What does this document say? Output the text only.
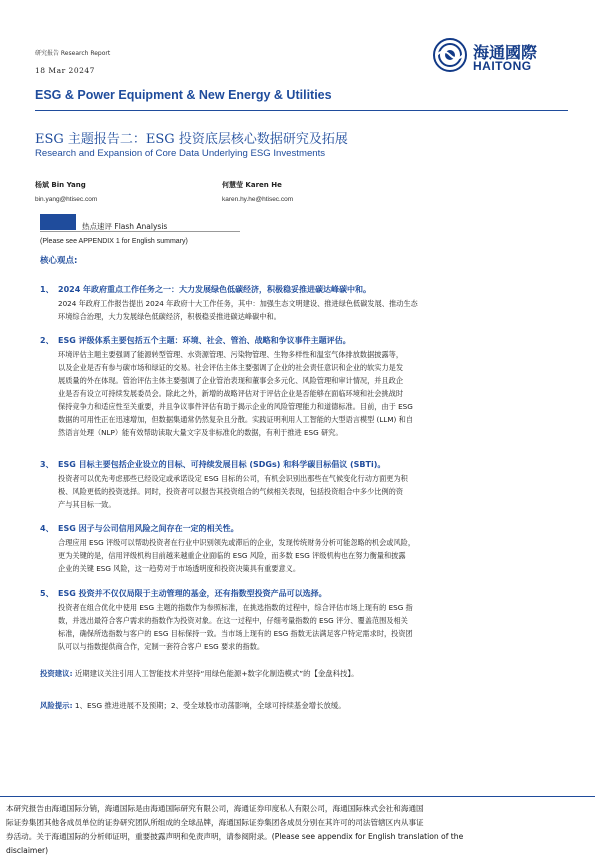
研究报告 Research Report
18 Mar 20247
海通國際
HAITONG
ESG & Power Equipment & New Energy & Utilities
ESG 主题报告二：ESG 投资底层核心数据研究及拓展
Research and Expansion of Core Data Underlying ESG Investments
杨斌 Bin Yang
bin.yang@htisec.com
何慧莹 Karen He
karen.hy.he@htisec.com
热点速评 Flash Analysis
(Please see APPENDIX 1 for English summary)
核心观点:
1、 2024 年政府重点工作任务之一：大力发展绿色低碳经济，积极稳妥推进碳达峰碳中和。
2024 年政府工作报告提出 2024 年政府十大工作任务，其中：加强生态文明建设、推进绿色低碳发展、推动生态
环境综合治理，大力发展绿色低碳经济，积极稳妥推进碳达峰碳中和。
2、 ESG 评级体系主要包括五个主题：环境、社会、管治、战略和争议事件主题评估。
环境评估主题主要强调了能源转型管理、水资源管理、污染物管理、生物多样性和温室气体排放数据披露等，
以及企业是否有参与碳市场和绿证的交易。社会评估主体主要强调了企业的社会责任意识和企业的软实力是发
展质量的外在体现。管治评估主体主要强调了企业管治表现和董事会多元化、风险管理和审计情况，并且政企
业是否有设立可持续发展委员会。除此之外，新增的战略评估对于评估企业是否能够在面临环境和社会挑战时
保持竞争力和适应性至关重要，并且争议事件评估有助于揭示企业的风险管理能力和道德标准。目前，由于 ESG
数据的可用性正在迅速增加，但数据集通常仍然复杂且分散。实践证明利用人工智能的大型语言模型 (LLM) 和自
然语言处理（NLP）能有效帮助读取大量文字及非标准化的数据，有利于推进 ESG 研究。
3、 ESG 目标主要包括企业设立的目标、可持续发展目标 (SDGs) 和科学碳目标倡议 (SBTi)。
投资者可以优先考虑那些已经设定或承诺设定 ESG 目标的公司，有机会识别出那些在气候变化行动方面更为积
极、风险更低的投资选择。同时，投资者可以报告其投资组合的气候相关表现，包括投资组合中多少比例的资
产与其目标一致。
4、 ESG 因子与公司信用风险之间存在一定的相关性。
合理应用 ESG 评级可以帮助投资者在行业中识别领先或滞后的企业，发现传统财务分析可能忽略的机会或风险，
更为关键的是，信用评级机构目前越来越重企业面临的 ESG 风险，而多数 ESG 评级机构也在努力衡量和披露
企业的关键 ESG 风险，这一趋势对于市场透明度和投资决策具有重要意义。
5、 ESG 投资并不仅仅局限于主动管理的基金，还有指数型投资产品可以选择。
投资者在组合优化中使用 ESG 主题的指数作为参照标准，在挑选指数的过程中，综合评估市场上现有的 ESG 指
数，并选出最符合客户需求的指数作为投资对象。在这一过程中，仔细考量指数的 ESG 评分、覆盖范围及相关
标准，确保所选指数与客户的 ESG 目标保持一致。当市场上现有的 ESG 指数无法满足客户特定需求时，投资团
队可以与指数提供商合作，定制一套符合客户 ESG 要求的指数。
投资建议: 近期建议关注引用人工智能技术并坚持“用绿色能源+数字化制造模式”的【金盘科技】。
风险提示: 1、ESG 推进进展不及预期；2、受全球股市动荡影响，全球可持续基金增长放缓。
本研究报告由海通国际分销，海通国际是由海通国际研究有限公司，海通证券印度私人有限公司，海通国际株式会社和海通国
际证券集团其他各成员单位的证券研究团队所组成的全球品牌，海通国际证券集团各成员分别在其许可的司法管辖区内从事证
券活动。关于海通国际的分析师证明，重要披露声明和免责声明，请参阅附录。(Please see appendix for English translation of the
disclaimer)
